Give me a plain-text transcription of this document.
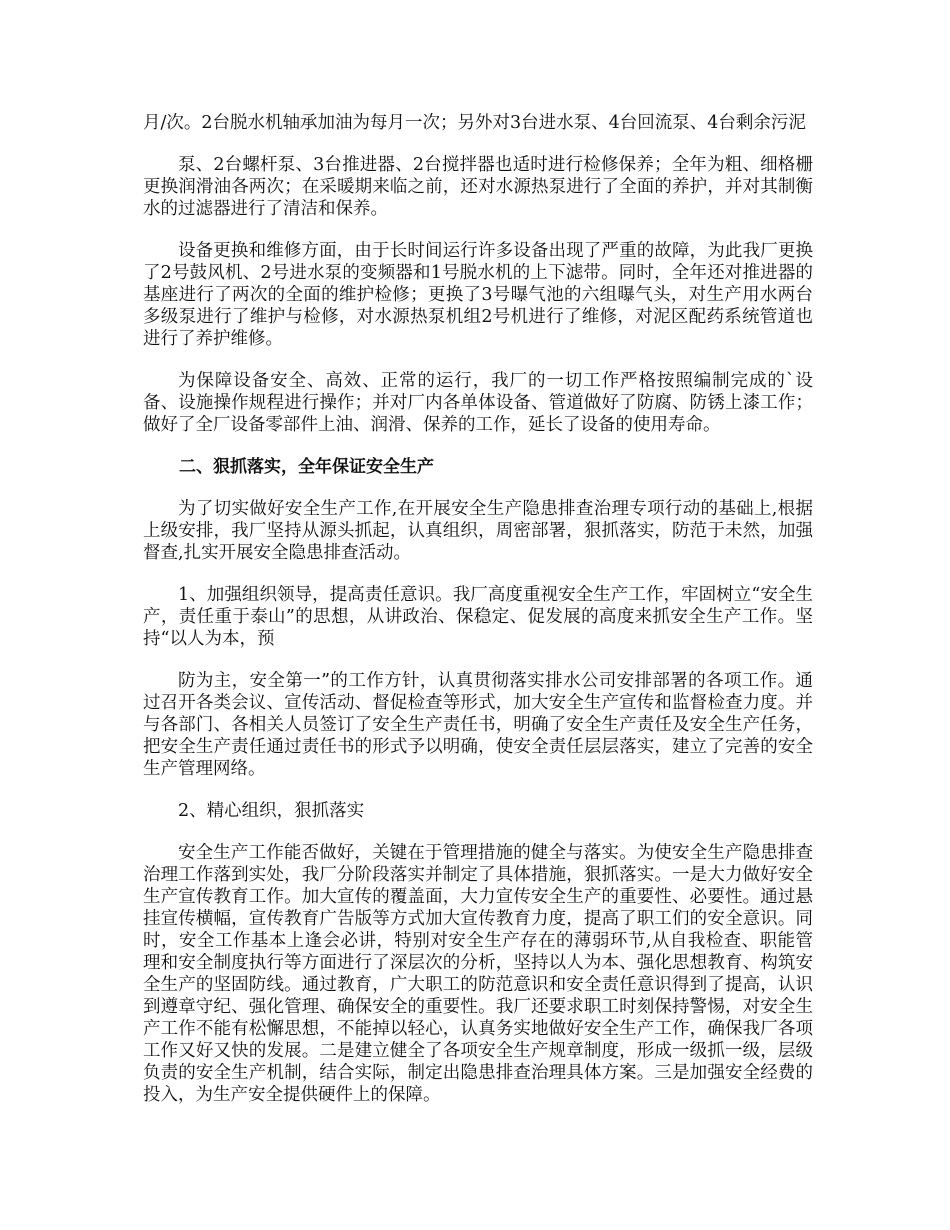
月/次。2台脱水机轴承加油为每月一次；另外对3台进水泵、4台回流泵、4台剩余污泥

泵、2台螺杆泵、3台推进器、2台搅拌器也适时进行检修保养；全年为粗、细格栅更换润滑油各两次；在采暖期来临之前，还对水源热泵进行了全面的养护，并对其制衡水的过滤器进行了清洁和保养。

设备更换和维修方面，由于长时间运行许多设备出现了严重的故障，为此我厂更换了2号鼓风机、2号进水泵的变频器和1号脱水机的上下滤带。同时，全年还对推进器的基座进行了两次的全面的维护检修；更换了3号曝气池的六组曝气头，对生产用水两台多级泵进行了维护与检修，对水源热泵机组2号机进行了维修，对泥区配药系统管道也进行了养护维修。

为保障设备安全、高效、正常的运行，我厂的一切工作严格按照编制完成的`设备、设施操作规程进行操作；并对厂内各单体设备、管道做好了防腐、防锈上漆工作；做好了全厂设备零部件上油、润滑、保养的工作，延长了设备的使用寿命。

二、狠抓落实，全年保证安全生产

为了切实做好安全生产工作,在开展安全生产隐患排查治理专项行动的基础上,根据上级安排，我厂坚持从源头抓起，认真组织，周密部署，狠抓落实，防范于未然，加强督查,扎实开展安全隐患排查活动。

1、加强组织领导，提高责任意识。我厂高度重视安全生产工作，牢固树立“安全生产，责任重于泰山”的思想，从讲政治、保稳定、促发展的高度来抓安全生产工作。坚持“以人为本，预

防为主，安全第一”的工作方针，认真贯彻落实排水公司安排部署的各项工作。通过召开各类会议、宣传活动、督促检查等形式，加大安全生产宣传和监督检查力度。并与各部门、各相关人员签订了安全生产责任书，明确了安全生产责任及安全生产任务，把安全生产责任通过责任书的形式予以明确，使安全责任层层落实，建立了完善的安全生产管理网络。

2、精心组织，狠抓落实

安全生产工作能否做好，关键在于管理措施的健全与落实。为使安全生产隐患排查治理工作落到实处，我厂分阶段落实并制定了具体措施，狠抓落实。一是大力做好安全生产宣传教育工作。加大宣传的覆盖面，大力宣传安全生产的重要性、必要性。通过悬挂宣传横幅，宣传教育广告版等方式加大宣传教育力度，提高了职工们的安全意识。同时，安全工作基本上逢会必讲，特别对安全生产存在的薄弱环节,从自我检查、职能管理和安全制度执行等方面进行了深层次的分析，坚持以人为本、强化思想教育、构筑安全生产的坚固防线。通过教育，广大职工的防范意识和安全责任意识得到了提高，认识到遵章守纪、强化管理、确保安全的重要性。我厂还要求职工时刻保持警惕，对安全生产工作不能有松懈思想，不能掉以轻心，认真务实地做好安全生产工作，确保我厂各项工作又好又快的发展。二是建立健全了各项安全生产规章制度，形成一级抓一级，层级负责的安全生产机制，结合实际，制定出隐患排查治理具体方案。三是加强安全经费的投入，为生产安全提供硬件上的保障。
